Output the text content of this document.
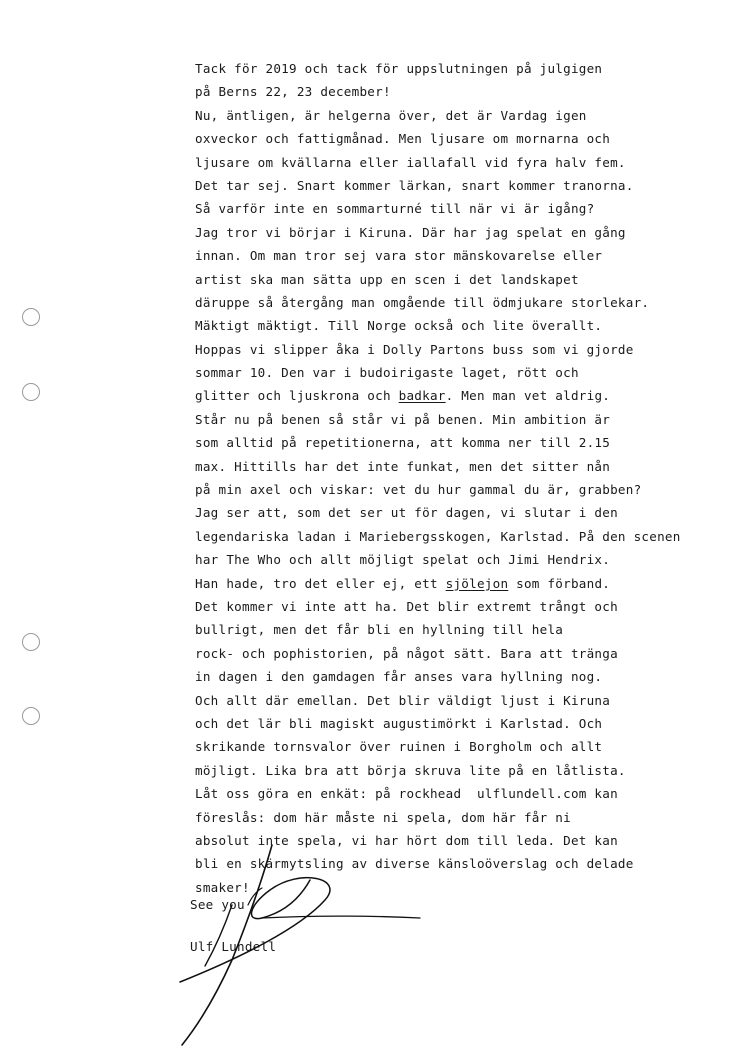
Tack för 2019 och tack för uppslutningen på julgigen
på Berns 22, 23 december!
Nu, äntligen, är helgerna över, det är Vardag igen
oxveckor och fattigmånad. Men ljusare om mornarna och
ljusare om kvällarna eller iallafall vid fyra halv fem.
Det tar sej. Snart kommer lärkan, snart kommer tranorna.
Så varför inte en sommarturné till när vi är igång?
Jag tror vi börjar i Kiruna. Där har jag spelat en gång
innan. Om man tror sej vara stor mänskovarelse eller
artist ska man sätta upp en scen i det landskapet
däruppe så återgång man omgående till ödmjukare storlekar.
Mäktigt mäktigt. Till Norge också och lite överallt.
Hoppas vi slipper åka i Dolly Partons buss som vi gjorde
sommar 10. Den var i budoirigaste laget, rött och
glitter och ljuskrona och badkar. Men man vet aldrig.
Står nu på benen så står vi på benen. Min ambition är
som alltid på repetitionerna, att komma ner till 2.15
max. Hittills har det inte funkat, men det sitter nån
på min axel och viskar: vet du hur gammal du är, grabben?
Jag ser att, som det ser ut för dagen, vi slutar i den
legendariska ladan i Mariebergsskogen, Karlstad. På den scenen
har The Who och allt möjligt spelat och Jimi Hendrix.
Han hade, tro det eller ej, ett sjölejon som förband.
Det kommer vi inte att ha. Det blir extremt trångt och
bullrigt, men det får bli en hyllning till hela
rock- och pophistorien, på något sätt. Bara att tränga
in dagen i den gamdagen får anses vara hyllning nog.
Och allt där emellan. Det blir väldigt ljust i Kiruna
och det lär bli magiskt augustimörkt i Karlstad. Och
skrikande tornsvalor över ruinen i Borgholm och allt
möjligt. Lika bra att börja skruva lite på en låtlista.
Låt oss göra en enkät: på rockhead  ulflundell.com kan
föreslås: dom här måste ni spela, dom här får ni
absolut inte spela, vi har hört dom till leda. Det kan
bli en skärmytsling av diverse känsloöverslag och delade
smaker!
See you
Ulf Lundell
